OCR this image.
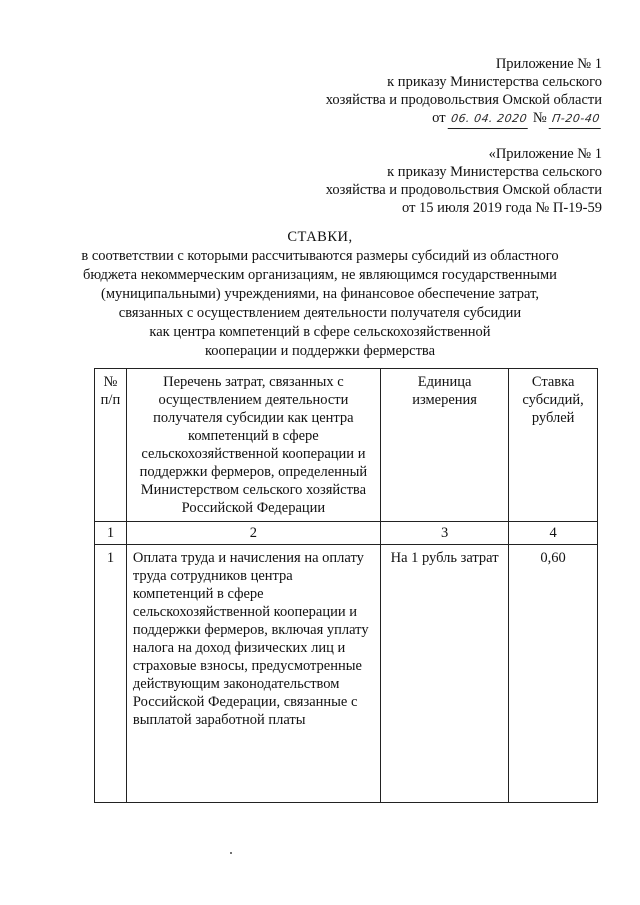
Приложение № 1
к приказу Министерства сельского
хозяйства и продовольствия Омской области
от 06. 04. 2020 № П-20-40
«Приложение № 1
к приказу Министерства сельского
хозяйства и продовольствия Омской области
от 15 июля 2019 года № П-19-59
СТАВКИ,
в соответствии с которыми рассчитываются размеры субсидий из областного
бюджета некоммерческим организациям, не являющимся государственными
(муниципальными) учреждениями, на финансовое обеспечение затрат,
связанных с осуществлением деятельности получателя субсидии
как центра компетенций в сфере сельскохозяйственной
кооперации и поддержки фермерства
№ п/п	Перечень затрат, связанных с осуществлением деятельности получателя субсидии как центра компетенций в сфере сельскохозяйственной кооперации и поддержки фермеров, определенный Министерством сельского хозяйства Российской Федерации	Единица измерения	Ставка субсидий, рублей
1	2	3	4
1	Оплата труда и начисления на оплату труда сотрудников центра компетенций в сфере сельскохозяйственной кооперации и поддержки фермеров, включая уплату налога на доход физических лиц и страховые взносы, предусмотренные действующим законодательством Российской Федерации, связанные с выплатой заработной платы	На 1 рубль затрат	0,60
